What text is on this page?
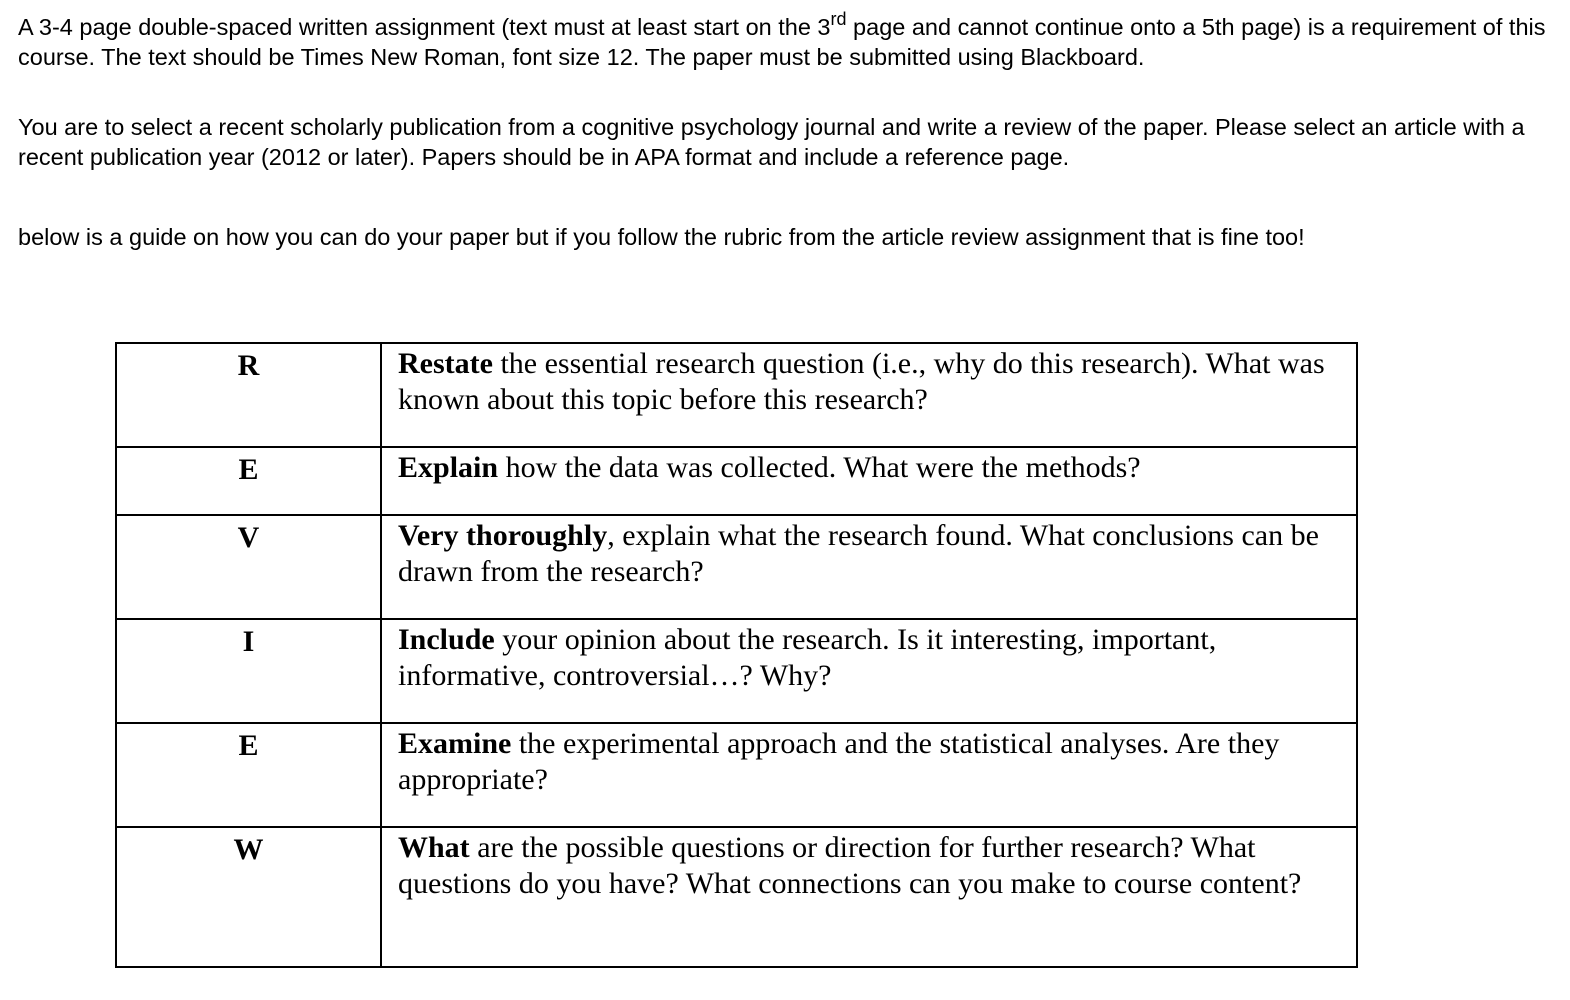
A 3-4 page double-spaced written assignment (text must at least start on the 3rd page and cannot continue onto a 5th page) is a requirement of this course. The text should be Times New Roman, font size 12. The paper must be submitted using Blackboard.

You are to select a recent scholarly publication from a cognitive psychology journal and write a review of the paper. Please select an article with a recent publication year (2012 or later). Papers should be in APA format and include a reference page.

below is a guide on how you can do your paper but if you follow the rubric from the article review assignment that is fine too!

R	Restate the essential research question (i.e., why do this research). What was known about this topic before this research?

E	Explain how the data was collected. What were the methods?

V	Very thoroughly, explain what the research found. What conclusions can be drawn from the research?

I	Include your opinion about the research. Is it interesting, important, informative, controversial…? Why?

E	Examine the experimental approach and the statistical analyses. Are they appropriate?

W	What are the possible questions or direction for further research? What questions do you have? What connections can you make to course content?
